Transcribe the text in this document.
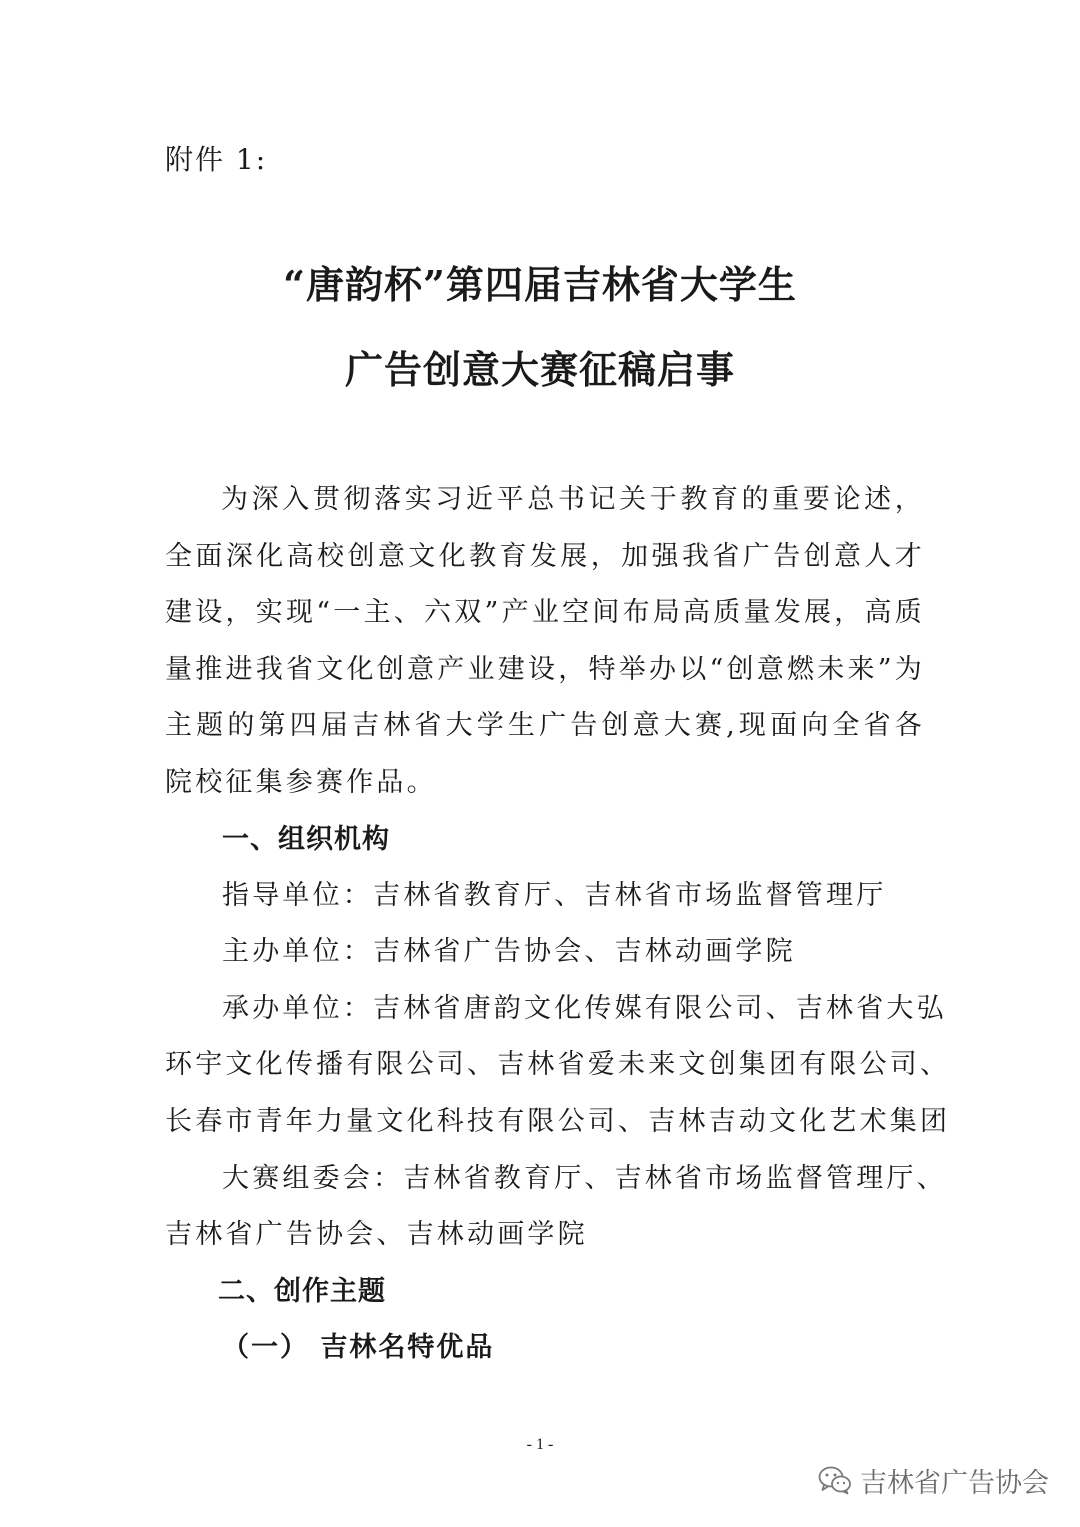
附件 1:
“唐韵杯”第四届吉林省大学生
广告创意大赛征稿启事
为深入贯彻落实习近平总书记关于教育的重要论述，全面深化高校创意文化教育发展，加强我省广告创意人才建设，实现“一主、六双”产业空间布局高质量发展，高质量推进我省文化创意产业建设，特举办以“创意燃未来”为主题的第四届吉林省大学生广告创意大赛,现面向全省各院校征集参赛作品。
一、组织机构
指导单位：吉林省教育厅、吉林省市场监督管理厅
主办单位：吉林省广告协会、吉林动画学院
承办单位：吉林省唐韵文化传媒有限公司、吉林省大弘
环宇文化传播有限公司、吉林省爱未来文创集团有限公司、
长春市青年力量文化科技有限公司、吉林吉动文化艺术集团
大赛组委会：吉林省教育厅、吉林省市场监督管理厅、
吉林省广告协会、吉林动画学院
二、创作主题
（一） 吉林名特优品
- 1 -
吉林省广告协会
